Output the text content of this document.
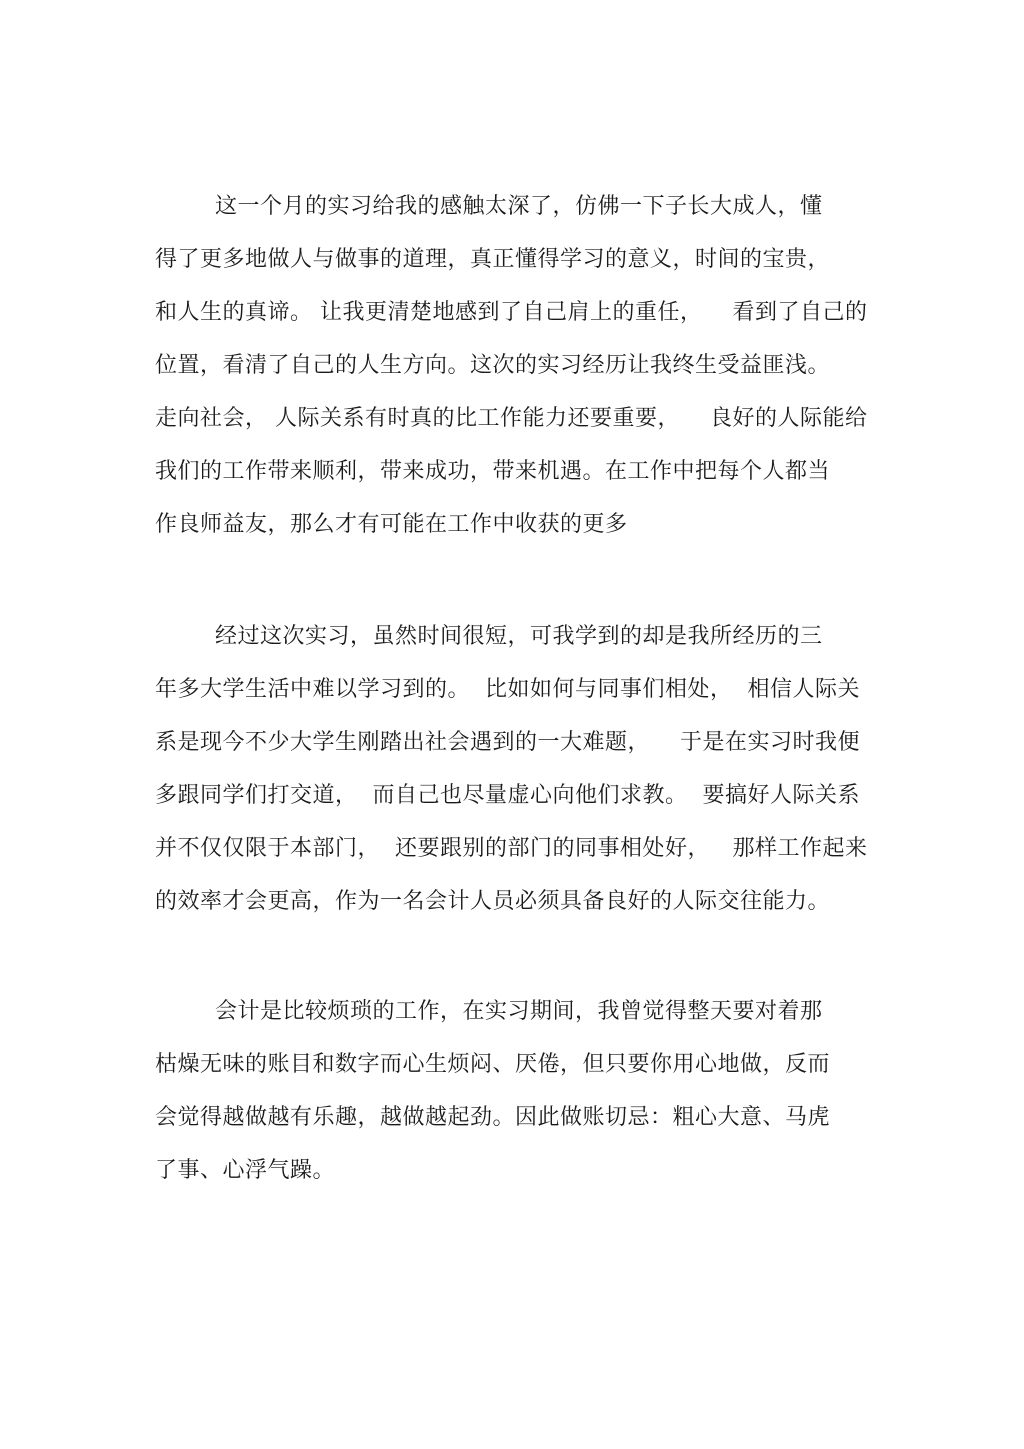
这一个月的实习给我的感触太深了，仿佛一下子长大成人，懂
得了更多地做人与做事的道理，真正懂得学习的意义，时间的宝贵，
和人生的真谛。 让我更清楚地感到了自己肩上的重任，    看到了自己的
位置，看清了自己的人生方向。这次的实习经历让我终生受益匪浅。
走向社会， 人际关系有时真的比工作能力还要重要，    良好的人际能给
我们的工作带来顺利，带来成功，带来机遇。在工作中把每个人都当
作良师益友，那么才有可能在工作中收获的更多
经过这次实习，虽然时间很短，可我学到的却是我所经历的三
年多大学生活中难以学习到的。  比如如何与同事们相处，  相信人际关
系是现今不少大学生刚踏出社会遇到的一大难题，    于是在实习时我便
多跟同学们打交道，  而自己也尽量虚心向他们求教。  要搞好人际关系
并不仅仅限于本部门，  还要跟别的部门的同事相处好，   那样工作起来
的效率才会更高，作为一名会计人员必须具备良好的人际交往能力。
会计是比较烦琐的工作，在实习期间，我曾觉得整天要对着那
枯燥无味的账目和数字而心生烦闷、厌倦，但只要你用心地做，反而
会觉得越做越有乐趣，越做越起劲。因此做账切忌：粗心大意、马虎
了事、心浮气躁。
